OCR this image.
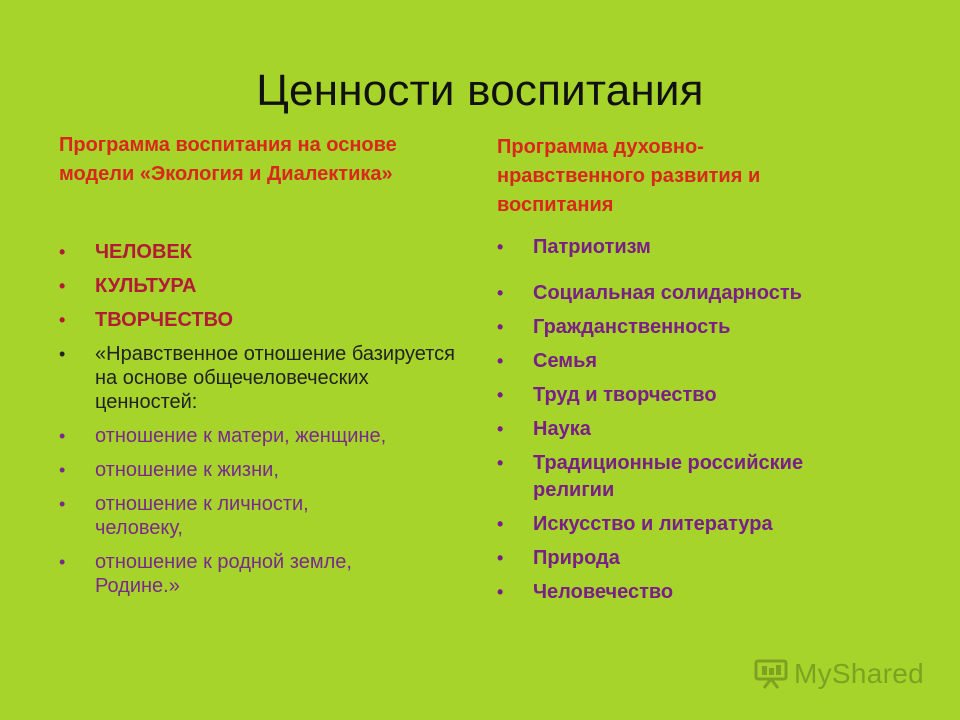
Ценности воспитания
Программа воспитания на основе модели «Экология и Диалектика»
Программа духовно-нравственного развития и воспитания
• ЧЕЛОВЕК
• КУЛЬТУРА
• ТВОРЧЕСТВО
• «Нравственное отношение базируется на основе общечеловеческих ценностей:
• отношение к матери, женщине,
• отношение к жизни,
• отношение к личности, человеку,
• отношение к родной земле, Родине.»
• Патриотизм
• Социальная солидарность
• Гражданственность
• Семья
• Труд и творчество
• Наука
• Традиционные российские религии
• Искусство и литература
• Природа
• Человечество
MyShared
